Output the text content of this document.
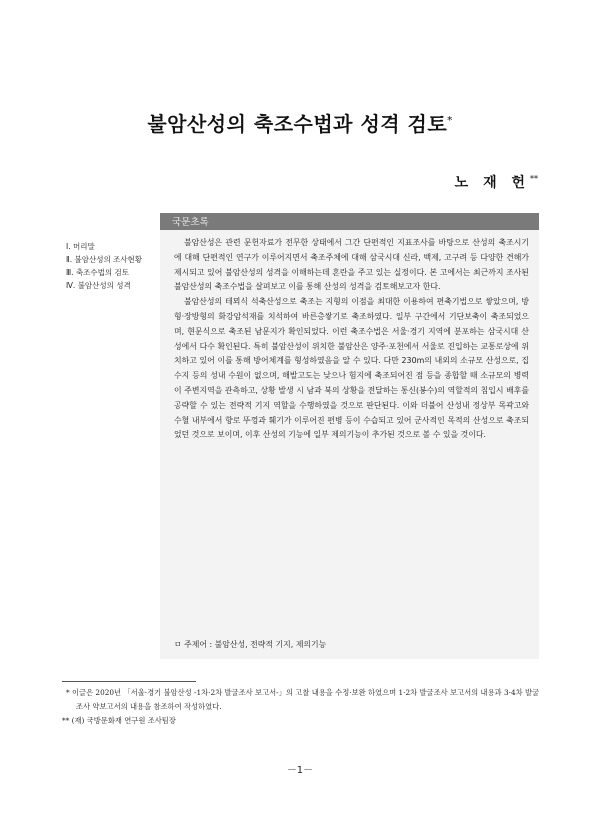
불암산성의 축조수법과 성격 검토*
노 재 헌**
Ⅰ. 머리말
Ⅱ. 불암산성의 조사현황
Ⅲ. 축조수법의 검토
Ⅳ. 불암산성의 성격
국문초록

불암산성은 관련 문헌자료가 전무한 상태에서 그간 단편적인 지표조사를 바탕으로 산성의 축조시기에 대해 단편적인 연구가 이루어지면서 축조주체에 대해 삼국시대 신라, 백제, 고구려 등 다양한 견해가 제시되고 있어 불암산성의 성격을 이해하는데 혼란을 주고 있는 실정이다. 본 고에서는 최근까지 조사된 불암산성의 축조수법을 살펴보고 이를 통해 산성의 성격을 검토해보고자 한다.

불암산성의 테뫼식 석축산성으로 축조는 지형의 이점을 최대한 이용하여 편축기법으로 쌓았으며, 방형·장방형의 화강암석재를 치석하여 바른층쌓기로 축조하였다. 일부 구간에서 기단보축이 축조되었으며, 현문식으로 축조된 남문지가 확인되었다. 이런 축조수법은 서울·경기 지역에 분포하는 삼국시대 산성에서 다수 확인된다. 특히 불암산성이 위치한 불암산은 양주·포천에서 서울로 진입하는 교통로상에 위치하고 있어 이를 통해 방어체계를 형성하였음을 알 수 있다. 다만 230m의 내외의 소규모 산성으로, 집수지 등의 성내 수원이 없으며, 해발고도는 낮으나 험지에 축조되어진 점 등을 종합할 때 소규모의 병력이 주변지역을 관측하고, 상황 발생 시 남과 북의 상황을 전달하는 통신(봉수)의 역할적의 침입시 배후를 공략할 수 있는 전략적 기지 역할을 수행하였을 것으로 판단된다. 이와 더불어 산성내 정상부 목곽고와 수혈 내부에서 향로 뚜껑과 훼기가 이루어진 편병 등이 수습되고 있어 군사적인 목적의 산성으로 축조되었던 것으로 보이며, 이후 산성의 기능에 일부 제의기능이 추가된 것으로 볼 수 있을 것이다.

ㅁ 주제어 : 불암산성, 전략적 기지, 제의기능

* 이글은 2020년 「서울·경기 불암산성 -1차·2차 발굴조사 보고서-」의 고찰 내용을 수정·보완 하였으며 1·2차 발굴조사 보고서의 내용과 3·4차 발굴조사 약보고서의 내용을 참조하여 작성하였다.

** (재) 국방문화재 연구원 조사팀장

－1－
